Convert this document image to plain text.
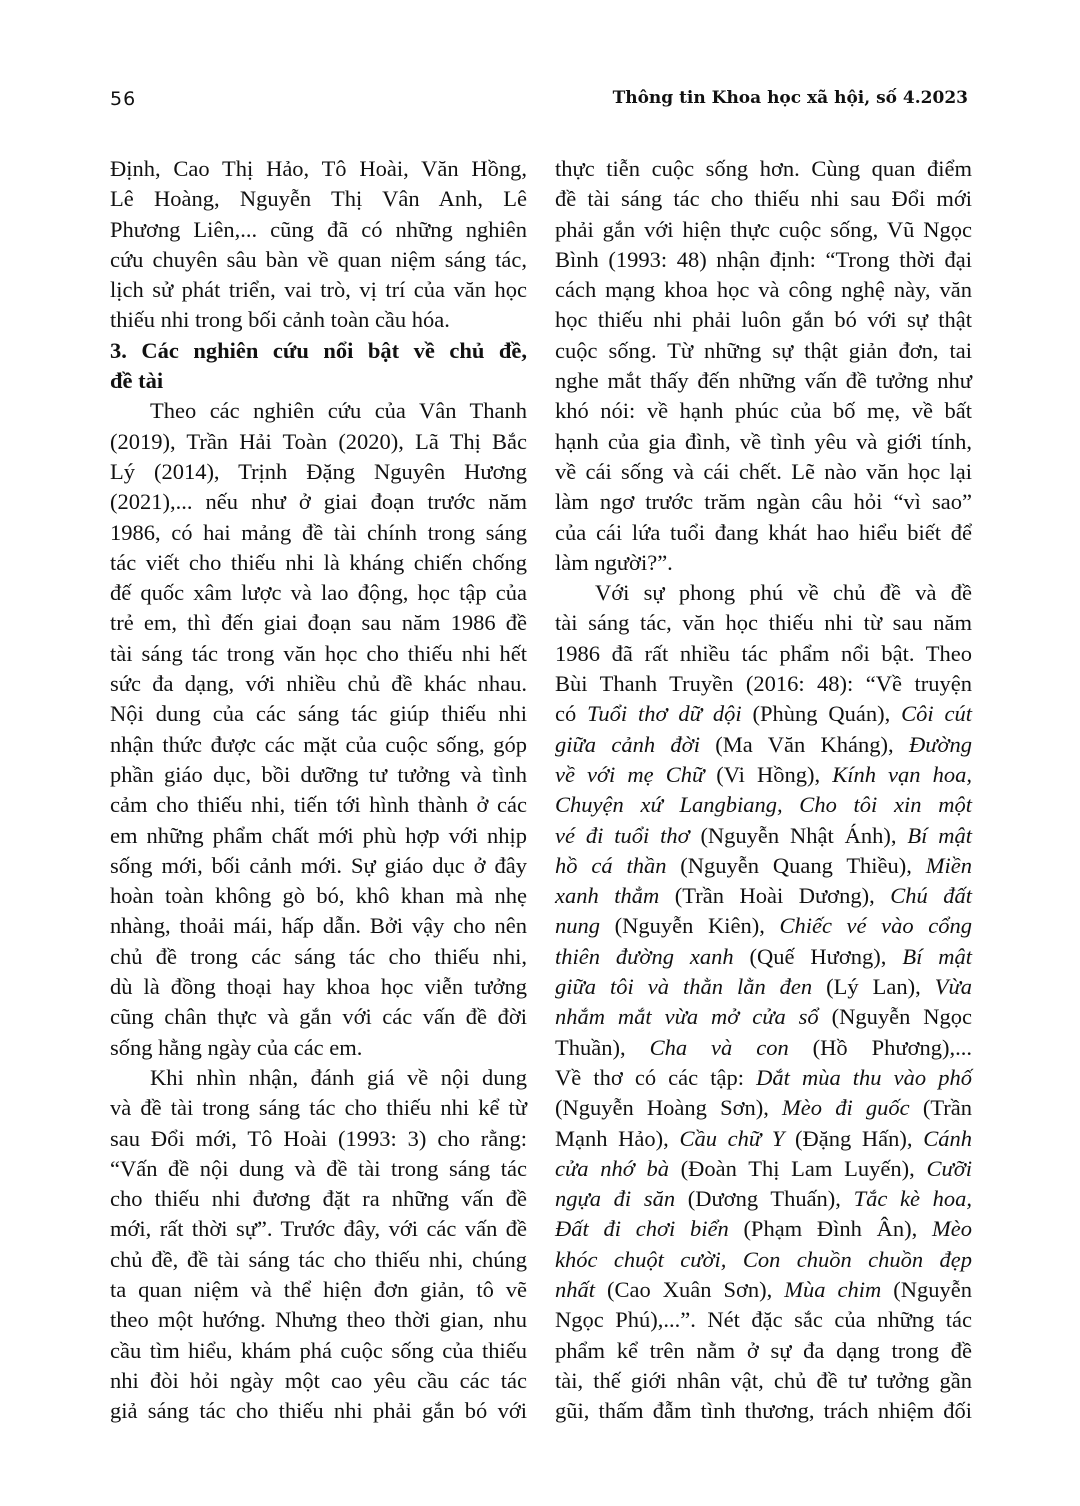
56	Thông tin Khoa học xã hội, số 4.2023
Định, Cao Thị Hảo, Tô Hoài, Văn Hồng,
Lê Hoàng, Nguyễn Thị Vân Anh, Lê
Phương Liên,... cũng đã có những nghiên
cứu chuyên sâu bàn về quan niệm sáng tác,
lịch sử phát triển, vai trò, vị trí của văn học
thiếu nhi trong bối cảnh toàn cầu hóa.
3. Các nghiên cứu nổi bật về chủ đề,
đề tài
Theo các nghiên cứu của Vân Thanh
(2019), Trần Hải Toàn (2020), Lã Thị Bắc
Lý (2014), Trịnh Đặng Nguyên Hương
(2021),... nếu như ở giai đoạn trước năm
1986, có hai mảng đề tài chính trong sáng
tác viết cho thiếu nhi là kháng chiến chống
đế quốc xâm lược và lao động, học tập của
trẻ em, thì đến giai đoạn sau năm 1986 đề
tài sáng tác trong văn học cho thiếu nhi hết
sức đa dạng, với nhiều chủ đề khác nhau.
Nội dung của các sáng tác giúp thiếu nhi
nhận thức được các mặt của cuộc sống, góp
phần giáo dục, bồi dưỡng tư tưởng và tình
cảm cho thiếu nhi, tiến tới hình thành ở các
em những phẩm chất mới phù hợp với nhịp
sống mới, bối cảnh mới. Sự giáo dục ở đây
hoàn toàn không gò bó, khô khan mà nhẹ
nhàng, thoải mái, hấp dẫn. Bởi vậy cho nên
chủ đề trong các sáng tác cho thiếu nhi,
dù là đồng thoại hay khoa học viễn tưởng
cũng chân thực và gắn với các vấn đề đời
sống hằng ngày của các em.
Khi nhìn nhận, đánh giá về nội dung
và đề tài trong sáng tác cho thiếu nhi kể từ
sau Đổi mới, Tô Hoài (1993: 3) cho rằng:
“Vấn đề nội dung và đề tài trong sáng tác
cho thiếu nhi đương đặt ra những vấn đề
mới, rất thời sự”. Trước đây, với các vấn đề
chủ đề, đề tài sáng tác cho thiếu nhi, chúng
ta quan niệm và thể hiện đơn giản, tô vẽ
theo một hướng. Nhưng theo thời gian, nhu
cầu tìm hiểu, khám phá cuộc sống của thiếu
nhi đòi hỏi ngày một cao yêu cầu các tác
giả sáng tác cho thiếu nhi phải gắn bó với
thực tiễn cuộc sống hơn. Cùng quan điểm
đề tài sáng tác cho thiếu nhi sau Đổi mới
phải gắn với hiện thực cuộc sống, Vũ Ngọc
Bình (1993: 48) nhận định: “Trong thời đại
cách mạng khoa học và công nghệ này, văn
học thiếu nhi phải luôn gắn bó với sự thật
cuộc sống. Từ những sự thật giản đơn, tai
nghe mắt thấy đến những vấn đề tưởng như
khó nói: về hạnh phúc của bố mẹ, về bất
hạnh của gia đình, về tình yêu và giới tính,
về cái sống và cái chết. Lẽ nào văn học lại
làm ngơ trước trăm ngàn câu hỏi “vì sao”
của cái lứa tuổi đang khát hao hiểu biết để
làm người?”.
Với sự phong phú về chủ đề và đề
tài sáng tác, văn học thiếu nhi từ sau năm
1986 đã rất nhiều tác phẩm nổi bật. Theo
Bùi Thanh Truyền (2016: 48): “Về truyện
có Tuổi thơ dữ dội (Phùng Quán), Côi cút
giữa cảnh đời (Ma Văn Kháng), Đường
về với mẹ Chữ (Vi Hồng), Kính vạn hoa,
Chuyện xứ Langbiang, Cho tôi xin một
vé đi tuổi thơ (Nguyễn Nhật Ánh), Bí mật
hồ cá thần (Nguyễn Quang Thiều), Miền
xanh thẳm (Trần Hoài Dương), Chú đất
nung (Nguyễn Kiên), Chiếc vé vào cổng
thiên đường xanh (Quế Hương), Bí mật
giữa tôi và thằn lằn đen (Lý Lan), Vừa
nhắm mắt vừa mở cửa sổ (Nguyễn Ngọc
Thuần), Cha và con (Hồ Phương),...
Về thơ có các tập: Dắt mùa thu vào phố
(Nguyễn Hoàng Sơn), Mèo đi guốc (Trần
Mạnh Hảo), Cầu chữ Y (Đặng Hấn), Cánh
cửa nhớ bà (Đoàn Thị Lam Luyến), Cưỡi
ngựa đi săn (Dương Thuấn), Tắc kè hoa,
Đất đi chơi biển (Phạm Đình Ân), Mèo
khóc chuột cười, Con chuồn chuồn đẹp
nhất (Cao Xuân Sơn), Mùa chim (Nguyễn
Ngọc Phú),...”. Nét đặc sắc của những tác
phẩm kể trên nằm ở sự đa dạng trong đề
tài, thế giới nhân vật, chủ đề tư tưởng gần
gũi, thấm đẫm tình thương, trách nhiệm đối
